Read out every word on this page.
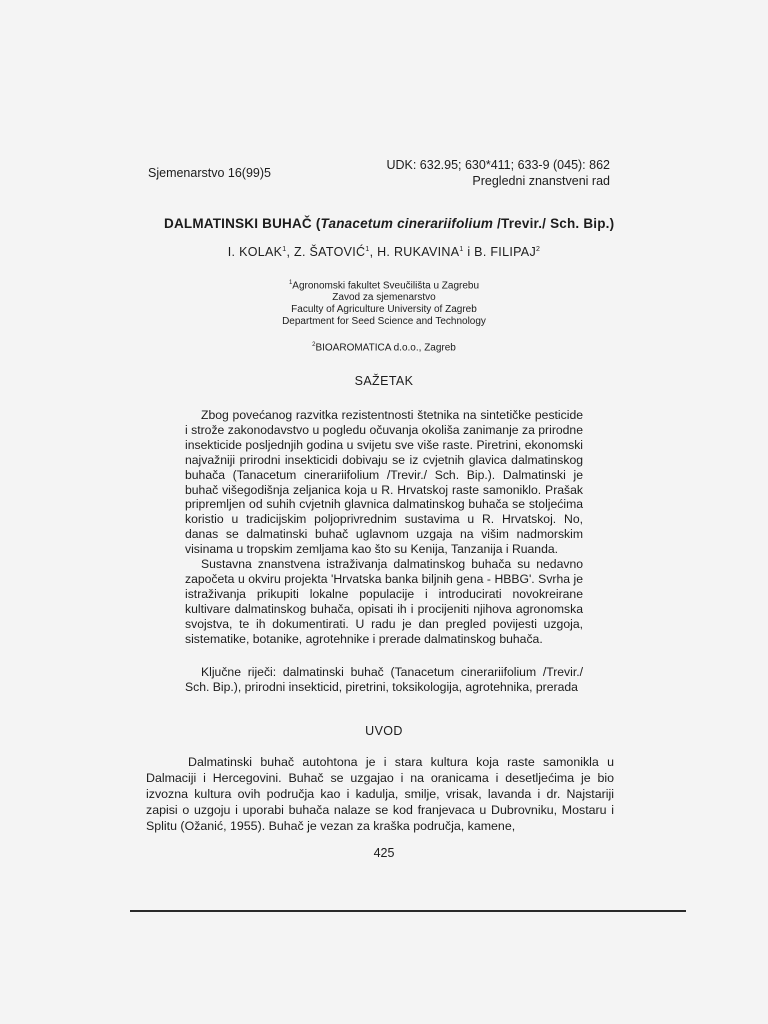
Sjemenarstvo 16(99)5
UDK: 632.95; 630*411; 633-9 (045): 862
Pregledni znanstveni rad
DALMATINSKI BUHAČ (Tanacetum cinerariifolium /Trevir./ Sch. Bip.)
I. KOLAK$^1$, Z. ŠATOVIĆ$^1$, H. RUKAVINA$^1$ i B. FILIPAJ$^2$
$^1$Agronomski fakultet Sveučilišta u Zagrebu
Zavod za sjemenarstvo
Faculty of Agriculture University of Zagreb
Department for Seed Science and Technology
$^2$BIOAROMATICA d.o.o., Zagreb
SAŽETAK

Zbog povećanog razvitka rezistentnosti štetnika na sintetičke pesticide i strože zakonodavstvo u pogledu očuvanja okoliša zanimanje za prirodne insekticide posljednjih godina u svijetu sve više raste. Piretrini, ekonomski najvažniji prirodni insekticidi dobivaju se iz cvjetnih glavica dalmatinskog buhača (Tanacetum cinerariifolium /Trevir./ Sch. Bip.). Dalmatinski je buhač višegodišnja zeljanica koja u R. Hrvatskoj raste samoniklo. Prašak pripremljen od suhih cvjetnih glavnica dalmatinskog buhača se stoljećima koristio u tradicijskim poljoprivrednim sustavima u R. Hrvatskoj. No, danas se dalmatinski buhač uglavnom uzgaja na višim nadmorskim visinama u tropskim zemljama kao što su Kenija, Tanzanija i Ruanda.

Sustavna znanstvena istraživanja dalmatinskog buhača su nedavno započeta u okviru projekta 'Hrvatska banka biljnih gena - HBBG'. Svrha je istraživanja prikupiti lokalne populacije i introducirati novokreirane kultivare dalmatinskog buhača, opisati ih i procijeniti njihova agronomska svojstva, te ih dokumentirati. U radu je dan pregled povijesti uzgoja, sistematike, botanike, agrotehnike i prerade dalmatinskog buhača.

Ključne riječi: dalmatinski buhač (Tanacetum cinerariifolium /Trevir./ Sch. Bip.), prirodni insekticid, piretrini, toksikologija, agrotehnika, prerada
UVOD
Dalmatinski buhač autohtona je i stara kultura koja raste samonikla u Dalmaciji i Hercegovini. Buhač se uzgajao i na oranicama i desetljećima je bio izvozna kultura ovih područja kao i kadulja, smilje, vrisak, lavanda i dr. Najstariji zapisi o uzgoju i uporabi buhača nalaze se kod franjevaca u Dubrovniku, Mostaru i Splitu (Ožanić, 1955). Buhač je vezan za kraška područja, kamene,
425
